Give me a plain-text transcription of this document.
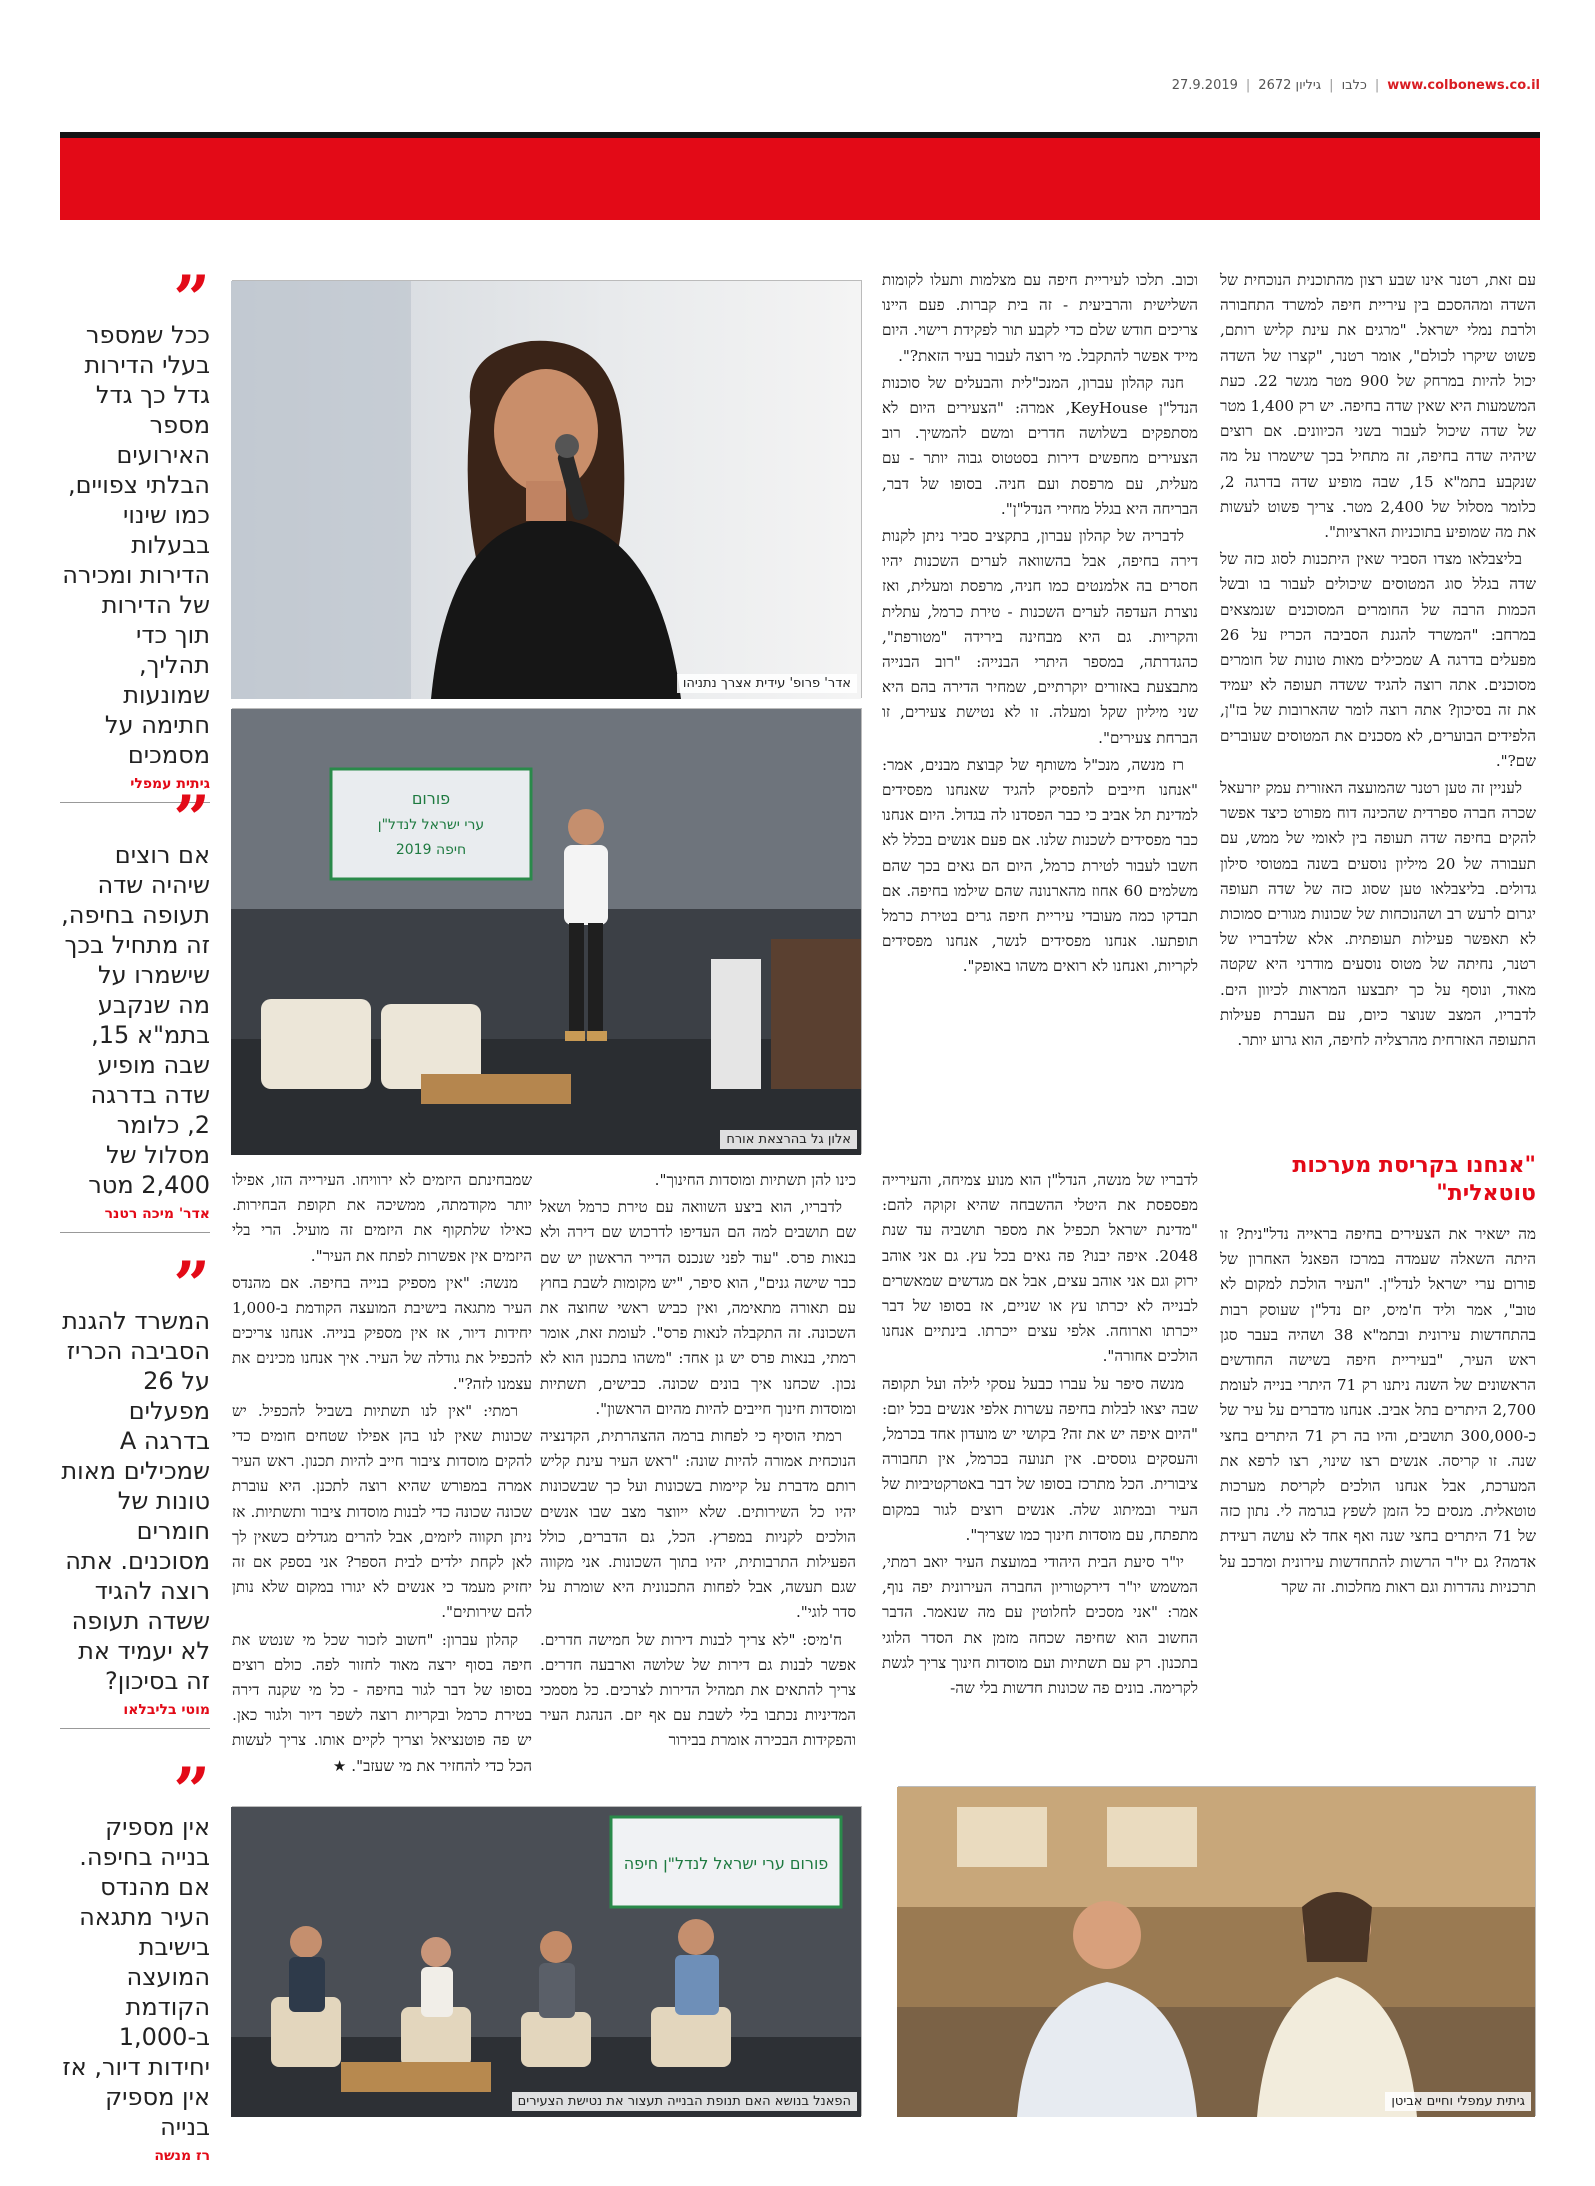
27.9.2019 | גיליון 2672 | כלבו | www.colbonews.co.il

עם זאת, רטנר אינו שבע רצון מהתוכנית הנוכחית של השדה ומההסכם בין עיריית חיפה למשרד התחבורה ולרבת נמלי ישראל. "מרגים את עינת קליש רותם, פשוט שיקרו לכולם", אומר רטנר, "קצרו של השדה יכול להיות במרחק של 900 מטר מגשר 22. כעת המשמעות היא שאין שדה בחיפה. יש רק 1,400 מטר של שדה שיכול לעבור בשני הכיוונים. אם רוצים שיהיה שדה בחיפה, זה מתחיל בכך שישמרו על מה שנקבע בתמ"א 15, שבה מופיע שדה בדרגה 2, כלומר מסלול של 2,400 מטר. צריך פשוט לעשות את מה שמופיע בתוכניות הארציות".

בליצבלאו מצדו הסביר שאין היתכנות לסוג כזה של שדה בגלל סוג המטוסים שיכולים לעבור בו ובשל הכמות הרבה של החומרים המסוכנים שנמצאים במרחב: "המשרד להגנת הסביבה הכריז על 26 מפעלים בדרגה A שמכילים מאות טונות של חומרים מסוכנים. אתה רוצה להגיד ששדה תעופה לא יעמיד את זה בסיכון? אתה רוצה לומר שהארובות של בז"ן, הלפידים הבוערים, לא מסכנים את המטוסים שעוברים שם?".

לעניין זה טען רטנר שהמועצה האזורית עמק יזרעאל שכרה חברה ספרדית שהכינה דוח מפורט כיצד אפשר להקים בחיפה שדה תעופה בין לאומי של ממש, עם תעבורה של 20 מיליון נוסעים בשנה במטוסי סילון גדולים. בליצבלאו טען שסוג כזה של שדה תעופה יגרום לרעש רב ושהנוכחות של שכונות מגורים סמוכות לא תאפשר פעילות תעופתית. אלא שלדבריו של רטנר, נחיתה של מטוס נוסעים מודרני היא שקטה מאוד, ונוסף על כך יתבצעו המראות לכיוון הים. לדבריו, המצב שנוצר כיום, עם העברת פעילות התעופה האזרחית מהרצליה לחיפה, הוא גרוע יותר.

וכוב. תלכו לעיריית חיפה עם מצלמות ותעלו לקומות השלישית והרביעית - זה בית קברות. פעם היינו צריכים חודש שלם כדי לקבע תור לפקידת רישוי. היום מייד אפשר להתקבל. מי רוצה לעבור בעיר הזאת?".

חנה קהלון עברון, המנכ"לית והבעלים של סוכנות הנדל"ן KeyHouse, אמרה: "הצעירים היום לא מסתפקים בשלושה חדרים ומשם להמשיך. רוב הצעירים מחפשים דירות בסטטוס גבוה יותר - עם מעלית, עם מרפסת ועם חניה. בסופו של דבר, הבריחה היא בגלל מחירי הנדל"ן".

לדבריה של קהלון עברון, בתקציב סביר ניתן לקנות דירה בחיפה, אבל בהשוואה לערים השכנות יהיו חסרים בה אלמנטים כמו חניה, מרפסת ומעלית, ואז נוצרת העדפה לערים השכנות - טירת כרמל, עתלית והקריות. גם היא מבחינה בירידה "מטורפת", כהגדרתה, במספר היתרי הבנייה: "רוב הבנייה מתבצעת באזורים יוקרתיים, שמחיר הדירה בהם היא שני מיליון שקל ומעלה. זו לא נטישת צעירים, זו הברחת צעירים".

רז מנשה, מנכ"ל משותף של קבוצת מבנים, אמר: "אנחנו חייבים להפסיק להגיד שאנחנו מפסידים למדינת תל אביב כי כבר הפסדנו לה בגדול. היום אנחנו כבר מפסידים לשכנות שלנו. אם פעם אנשים בכלל לא חשבו לעבור לטירת כרמל, היום הם גאים בכך שהם משלמים 60 אחוז מהארנונה שהם שילמו בחיפה. אם תבדקו כמה מעובדי עיריית חיפה גרים בטירת כרמל תופתעו. אנחנו מפסידים לנשר, אנחנו מפסידים לקריות, ואנחנו לא רואים משהו באופק".

"אנחנו בקריסת מערכות טוטאלית"

מה ישאיר את הצעירים בחיפה בראייה נדל"נית? זו היתה השאלה שעמדה במרכז הפאנל האחרון של פורום ערי ישראל לנדל"ן. "העיר הולכת למקום לא טוב", אמר וליד ח'מיס, יזם נדל"ן שעוסק רבות בהתחדשות עירונית ובתמ"א 38 ושהיה בעבר סגן ראש העיר, "בעיריית חיפה בשישה החודשים הראשונים של השנה ניתנו רק 71 היתרי בנייה לעומת 2,700 היתרים בתל אביב. אנחנו מדברים על עיר של כ-300,000 תושבים, והיו בה רק 71 היתרים בחצי שנה. זו קריסה. אנשים רצו שינוי, רצו לרפא את המערכת, אבל אנחנו הולכים לקריסת מערכות טוטאלית. מנסים כל הזמן לשפץ בגרמה לי. נתון כזה של 71 היתרים בחצי שנה ואף אחד לא עושה רעידת אדמה? גם יו"ר הרשות להתחדשות עירונית ומרכב על תרכניות נהדרות וגם ראות מחלכות. זה שקר

לדבריו של מנשה, הנדל"ן הוא מנוע צמיחה, והעירייה מפספסת את היטלי ההשבחה שהיא זקוקה להם: "מדינת ישראל תכפיל את מספר תושביה עד שנת 2048. איפה יבנו? פה גאים בכל עץ. גם אני אוהב ירוק וגם אני אוהב עצים, אבל אם מגדשים שמאשרים לבנייה לא יכרתו עץ או שניים, אז בסופו של דבר ייכרתו וארוחה. אלפי עצים ייכרתו. בינתיים אנחנו הולכים אחורה".

מנשה סיפר על עברו כבעל עסקי לילה ועל תקופה שבה יצאו לבלות בחיפה עשרות אלפי אנשים בכל יום: "היום איפה יש את זה? בקושי יש מועדון אחד בכרמל, והעסקים גוססים. אין תנועה בכרמל, אין תחבורה ציבורית. הכל מתרכז בסופו של דבר באטרקטיביות של העיר ובמיתוג שלה. אנשים רוצים לגור במקום מתפתח, עם מוסדות חינוך כמו שצריך".

יו"ר סיעת הבית היהודי במועצת העיר יואב רמתי, המשמש יו"ר דירקטוריון החברה העירונית יפה נוף, אמר: "אני מסכים לחלוטין עם מה שנאמר. הדבר החשוב הוא שחיפה שכחה מזמן את הסדר הלוגי בתכנון. רק עם תשתיות ועם מוסדות חינוך צריך לגשת לקרימה. בונים פה שכונות חדשות בלי שה-

כינו להן תשתיות ומוסדות החינוך".

לדבריו, הוא ביצע השוואה עם טירת כרמל ושאל שם תושבים למה הם העדיפו לדרכוש שם דירה ולא בנאות פרס. "עוד לפני שנכנס הדייר הראשון יש שם כבר שישה גנים", הוא סיפר, "יש מקומות לשבת בחוץ עם תאורה מתאימה, ואין כביש ראשי שחוצה את השכונה. זה התקבלה לנאות פרס". לעומת זאת, אומר רמתי, בנאות פרס יש גן אחד: "משהו בתכנון הוא לא נכון. שכחנו איך בונים שכונה. כבישים, תשתיות ומוסדות חינוך חייבים להיות מהיום הראשון".

רמתי הוסיף כי לפחות ברמה ההצהרתית, הקדנציה הנוכחית אמורה להיות שונה: "ראש העיר עינת קליש רותם מדברת על קיימות בשכונות ועל כך שבשכונות יהיו כל השירותים. שלא ייווצר מצב שבו אנשים הולכים לקניות במפרץ. הכל, גם הדברים, כולל הפעילות התרבותית, יהיו בתוך השכונות. אני מקווה שגם תעשה, אבל לפחות התכנונית היא שומרת על סדר לוגי".

ח'מיס: "לא צריך לבנות דירות של חמישה חדרים. אפשר לבנות גם דירות של שלושה וארבעה חדרים. צריך להתאים את תמהיל הדירות לצרכים. כל מסמכי המדיניות נכתבו בלי לשבת עם אף יזם. הנהגת העיר והפקידות הבכירה אומרת בבירור

שמבחינתם היזמים לא ירוויחו. העירייה הזו, אפילו יותר מקודמתה, ממשיכה את תקופת הבחירות. כאילו שלתקוף את היזמים זה מועיל. הרי בלי היזמים אין אפשרות לפתח את העיר".

מנשה: "אין מספיק בנייה בחיפה. אם מהנדס העיר מתגאה בישיבת המועצה הקודמת ב-1,000 יחידות דיור, אז אין מספיק בנייה. אנחנו צריכים להכפיל את גודלה של העיר. איך אנחנו מכינים את עצמנו לזה?".

רמתי: "אין לנו תשתיות בשביל להכפיל. יש שכונות שאין לנו בהן אפילו שטחים חומים כדי להקים מוסדות ציבור חייב להיות תכנון. ראש העיר אמרה במפורש שהיא רוצה לתכנן. היא עוברת שכונה שכונה כדי לבנות מוסדות ציבור ותשתיות. אז ניתן תקווה ליזמים, אבל להרים מגדלים כשאין לך לאן לקחת ילדים לבית הספר? אני בספק אם זה יחזיק מעמד כי אנשים לא יגורו במקום שלא נותן להם שירותים".

קהלון עברון: "חשוב לזכור שכל מי שנטש את חיפה בסוף ירצה מאוד לחזור לפה. כולם רוצים בסופו של דבר לגור בחיפה - כל מי שקנה דירה בטירת כרמל ובקריות רוצה לשפר דיור ולגור כאן. יש פה פוטנציאל וצריך לקיים אותו. צריך לעשות הכל כדי להחזיר את מי שעזב". ★

אדר' פרופ' עידית אצרך נתניהו
פורום
ערי ישראל לנדל"ן
חיפה 2019
אלון גל בהרצאת אורח
גיתית עמפלי וחיים אביטן
פורום ערי ישראל לנדל"ן חיפה
הפאנל בנושא האם תנופת הבנייה תעצור את נטישת הצעירים
”
ככל שמספר בעלי הדירות גדל כך גדל מספר האירועים הבלתי צפויים, כמו שינוי בבעלות הדירות ומכירה של הדירות תוך כדי תהליך, שמונעות חתימה על מסמכים
גיתית עמפלי
”
אם רוצים שיהיה שדה תעופה בחיפה, זה מתחיל בכך שישמרו על מה שנקבע בתמ"א 15, שבה מופיע שדה בדרגה 2, כלומר מסלול של 2,400 מטר
אדר' מיכה רטנר
”
המשרד להגנת הסביבה הכריז על 26 מפעלים בדרגה A שמכילים מאות טונות של חומרים מסוכנים. אתה רוצה להגיד ששדה תעופה לא יעמיד את זה בסיכון?
מוטי בליבלאו
”
אין מספיק בנייה בחיפה. אם מהנדס העיר מתגאה בישיבת המועצה הקודמת ב-1,000 יחידות דיור, אז אין מספיק בנייה
רז מנשה
